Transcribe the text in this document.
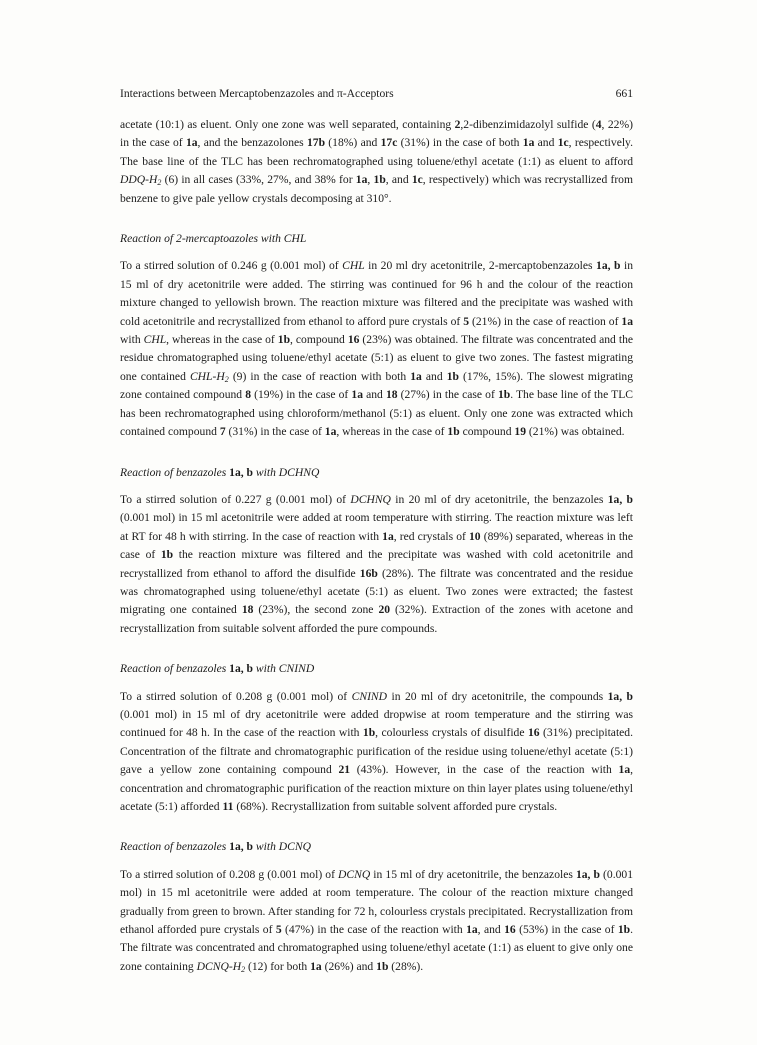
Interactions between Mercaptobenzazoles and π-Acceptors	661

acetate (10:1) as eluent. Only one zone was well separated, containing 2,2-dibenzimidazolyl sulfide (4, 22%) in the case of 1a, and the benzazolones 17b (18%) and 17c (31%) in the case of both 1a and 1c, respectively. The base line of the TLC has been rechromatographed using toluene/ethyl acetate (1:1) as eluent to afford DDQ-$H_2$ (6) in all cases (33%, 27%, and 38% for 1a, 1b, and 1c, respectively) which was recrystallized from benzene to give pale yellow crystals decomposing at 310°.

Reaction of 2-mercaptoazoles with CHL

To a stirred solution of 0.246 g (0.001 mol) of CHL in 20 ml dry acetonitrile, 2-mercaptobenzazoles 1a, b in 15 ml of dry acetonitrile were added. The stirring was continued for 96 h and the colour of the reaction mixture changed to yellowish brown. The reaction mixture was filtered and the precipitate was washed with cold acetonitrile and recrystallized from ethanol to afford pure crystals of 5 (21%) in the case of reaction of 1a with CHL, whereas in the case of 1b, compound 16 (23%) was obtained. The filtrate was concentrated and the residue chromatographed using toluene/ethyl acetate (5:1) as eluent to give two zones. The fastest migrating one contained CHL-$H_2$ (9) in the case of reaction with both 1a and 1b (17%, 15%). The slowest migrating zone contained compound 8 (19%) in the case of 1a and 18 (27%) in the case of 1b. The base line of the TLC has been rechromatographed using chloroform/methanol (5:1) as eluent. Only one zone was extracted which contained compound 7 (31%) in the case of 1a, whereas in the case of 1b compound 19 (21%) was obtained.

Reaction of benzazoles 1a, b with DCHNQ

To a stirred solution of 0.227 g (0.001 mol) of DCHNQ in 20 ml of dry acetonitrile, the benzazoles 1a, b (0.001 mol) in 15 ml acetonitrile were added at room temperature with stirring. The reaction mixture was left at RT for 48 h with stirring. In the case of reaction with 1a, red crystals of 10 (89%) separated, whereas in the case of 1b the reaction mixture was filtered and the precipitate was washed with cold acetonitrile and recrystallized from ethanol to afford the disulfide 16b (28%). The filtrate was concentrated and the residue was chromatographed using toluene/ethyl acetate (5:1) as eluent. Two zones were extracted; the fastest migrating one contained 18 (23%), the second zone 20 (32%). Extraction of the zones with acetone and recrystallization from suitable solvent afforded the pure compounds.

Reaction of benzazoles 1a, b with CNIND

To a stirred solution of 0.208 g (0.001 mol) of CNIND in 20 ml of dry acetonitrile, the compounds 1a, b (0.001 mol) in 15 ml of dry acetonitrile were added dropwise at room temperature and the stirring was continued for 48 h. In the case of the reaction with 1b, colourless crystals of disulfide 16 (31%) precipitated. Concentration of the filtrate and chromatographic purification of the residue using toluene/ethyl acetate (5:1) gave a yellow zone containing compound 21 (43%). However, in the case of the reaction with 1a, concentration and chromatographic purification of the reaction mixture on thin layer plates using toluene/ethyl acetate (5:1) afforded 11 (68%). Recrystallization from suitable solvent afforded pure crystals.

Reaction of benzazoles 1a, b with DCNQ

To a stirred solution of 0.208 g (0.001 mol) of DCNQ in 15 ml of dry acetonitrile, the benzazoles 1a, b (0.001 mol) in 15 ml acetonitrile were added at room temperature. The colour of the reaction mixture changed gradually from green to brown. After standing for 72 h, colourless crystals precipitated. Recrystallization from ethanol afforded pure crystals of 5 (47%) in the case of the reaction with 1a, and 16 (53%) in the case of 1b. The filtrate was concentrated and chromatographed using toluene/ethyl acetate (1:1) as eluent to give only one zone containing DCNQ-$H_2$ (12) for both 1a (26%) and 1b (28%).
